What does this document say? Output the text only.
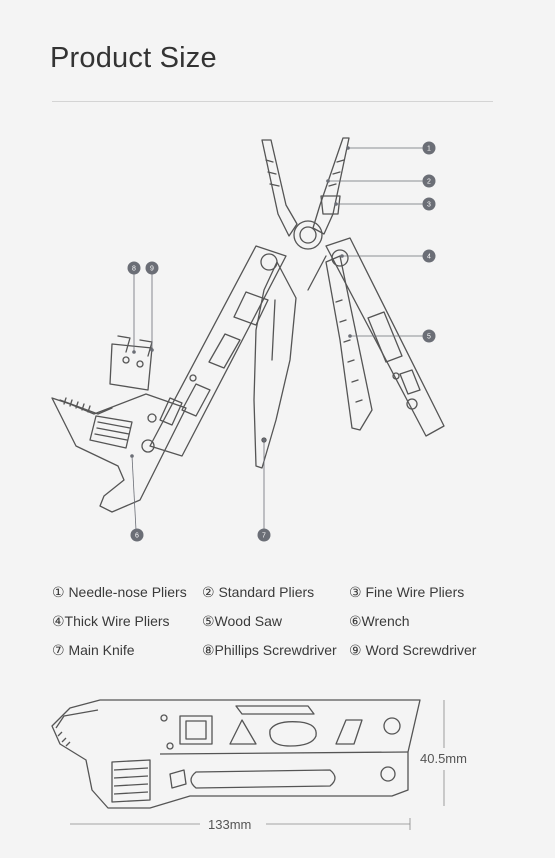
Product Size
1
2
3
4
5
6	7
8 9
40.5mm
133mm
① Needle-nose Pliers ② Standard Pliers ③ Fine Wire Pliers
④Thick Wire Pliers ⑤Wood Saw	⑥Wrench
⑦ Main Knife	⑧Phillips Screwdriver ⑨ Word Screwdriver
